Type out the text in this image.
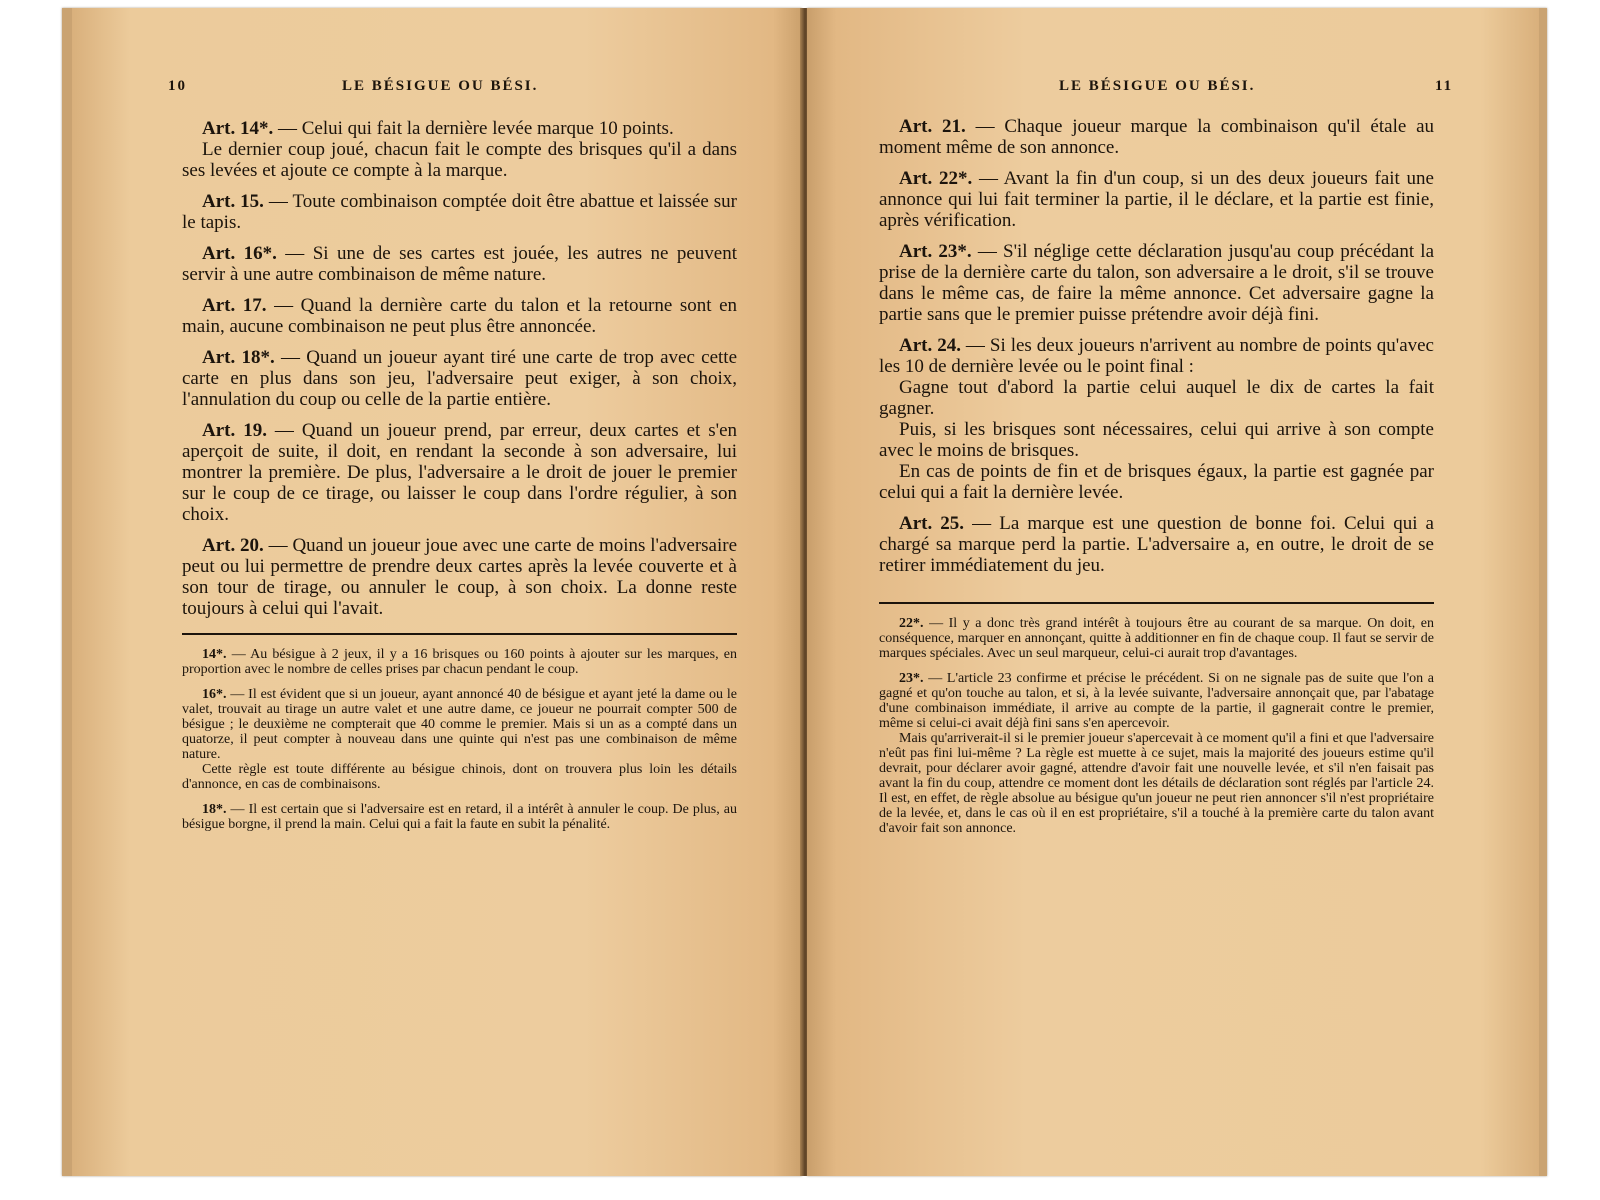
10	LE BÉSIGUE OU BÉSI.

Art. 14*. — Celui qui fait la dernière levée marque 10 points.

Le dernier coup joué, chacun fait le compte des brisques qu'il a dans ses levées et ajoute ce compte à la marque.

Art. 15. — Toute combinaison comptée doit être abattue et laissée sur le tapis.

Art. 16*. — Si une de ses cartes est jouée, les autres ne peuvent servir à une autre combinaison de même nature.

Art. 17. — Quand la dernière carte du talon et la retourne sont en main, aucune combinaison ne peut plus être annoncée.

Art. 18*. — Quand un joueur ayant tiré une carte de trop avec cette carte en plus dans son jeu, l'adversaire peut exiger, à son choix, l'annulation du coup ou celle de la partie entière.

Art. 19. — Quand un joueur prend, par erreur, deux cartes et s'en aperçoit de suite, il doit, en rendant la seconde à son adversaire, lui montrer la première. De plus, l'adversaire a le droit de jouer le premier sur le coup de ce tirage, ou laisser le coup dans l'ordre régulier, à son choix.

Art. 20. — Quand un joueur joue avec une carte de moins l'adversaire peut ou lui permettre de prendre deux cartes après la levée couverte et à son tour de tirage, ou annuler le coup, à son choix. La donne reste toujours à celui qui l'avait.

14*. — Au bésigue à 2 jeux, il y a 16 brisques ou 160 points à ajouter sur les marques, en proportion avec le nombre de celles prises par chacun pendant le coup.

16*. — Il est évident que si un joueur, ayant annoncé 40 de bésigue et ayant jeté la dame ou le valet, trouvait au tirage un autre valet et une autre dame, ce joueur ne pourrait compter 500 de bésigue ; le deuxième ne compterait que 40 comme le premier. Mais si un as a compté dans un quatorze, il peut compter à nouveau dans une quinte qui n'est pas une combinaison de même nature.

Cette règle est toute différente au bésigue chinois, dont on trouvera plus loin les détails d'annonce, en cas de combinaisons.

18*. — Il est certain que si l'adversaire est en retard, il a intérêt à annuler le coup. De plus, au bésigue borgne, il prend la main. Celui qui a fait la faute en subit la pénalité.

LE BÉSIGUE OU BÉSI.	11

Art. 21. — Chaque joueur marque la combinaison qu'il étale au moment même de son annonce.

Art. 22*. — Avant la fin d'un coup, si un des deux joueurs fait une annonce qui lui fait terminer la partie, il le déclare, et la partie est finie, après vérification.

Art. 23*. — S'il néglige cette déclaration jusqu'au coup précédant la prise de la dernière carte du talon, son adversaire a le droit, s'il se trouve dans le même cas, de faire la même annonce. Cet adversaire gagne la partie sans que le premier puisse prétendre avoir déjà fini.

Art. 24. — Si les deux joueurs n'arrivent au nombre de points qu'avec les 10 de dernière levée ou le point final :

Gagne tout d'abord la partie celui auquel le dix de cartes la fait gagner.

Puis, si les brisques sont nécessaires, celui qui arrive à son compte avec le moins de brisques.

En cas de points de fin et de brisques égaux, la partie est gagnée par celui qui a fait la dernière levée.

Art. 25. — La marque est une question de bonne foi. Celui qui a chargé sa marque perd la partie. L'adversaire a, en outre, le droit de se retirer immédiatement du jeu.

22*. — Il y a donc très grand intérêt à toujours être au courant de sa marque. On doit, en conséquence, marquer en annonçant, quitte à additionner en fin de chaque coup. Il faut se servir de marques spéciales. Avec un seul marqueur, celui-ci aurait trop d'avantages.

23*. — L'article 23 confirme et précise le précédent. Si on ne signale pas de suite que l'on a gagné et qu'on touche au talon, et si, à la levée suivante, l'adversaire annonçait que, par l'abatage d'une combinaison immédiate, il arrive au compte de la partie, il gagnerait contre le premier, même si celui-ci avait déjà fini sans s'en apercevoir.

Mais qu'arriverait-il si le premier joueur s'apercevait à ce moment qu'il a fini et que l'adversaire n'eût pas fini lui-même ? La règle est muette à ce sujet, mais la majorité des joueurs estime qu'il devrait, pour déclarer avoir gagné, attendre d'avoir fait une nouvelle levée, et s'il n'en faisait pas avant la fin du coup, attendre ce moment dont les détails de déclaration sont réglés par l'article 24. Il est, en effet, de règle absolue au bésigue qu'un joueur ne peut rien annoncer s'il n'est propriétaire de la levée, et, dans le cas où il en est propriétaire, s'il a touché à la première carte du talon avant d'avoir fait son annonce.
